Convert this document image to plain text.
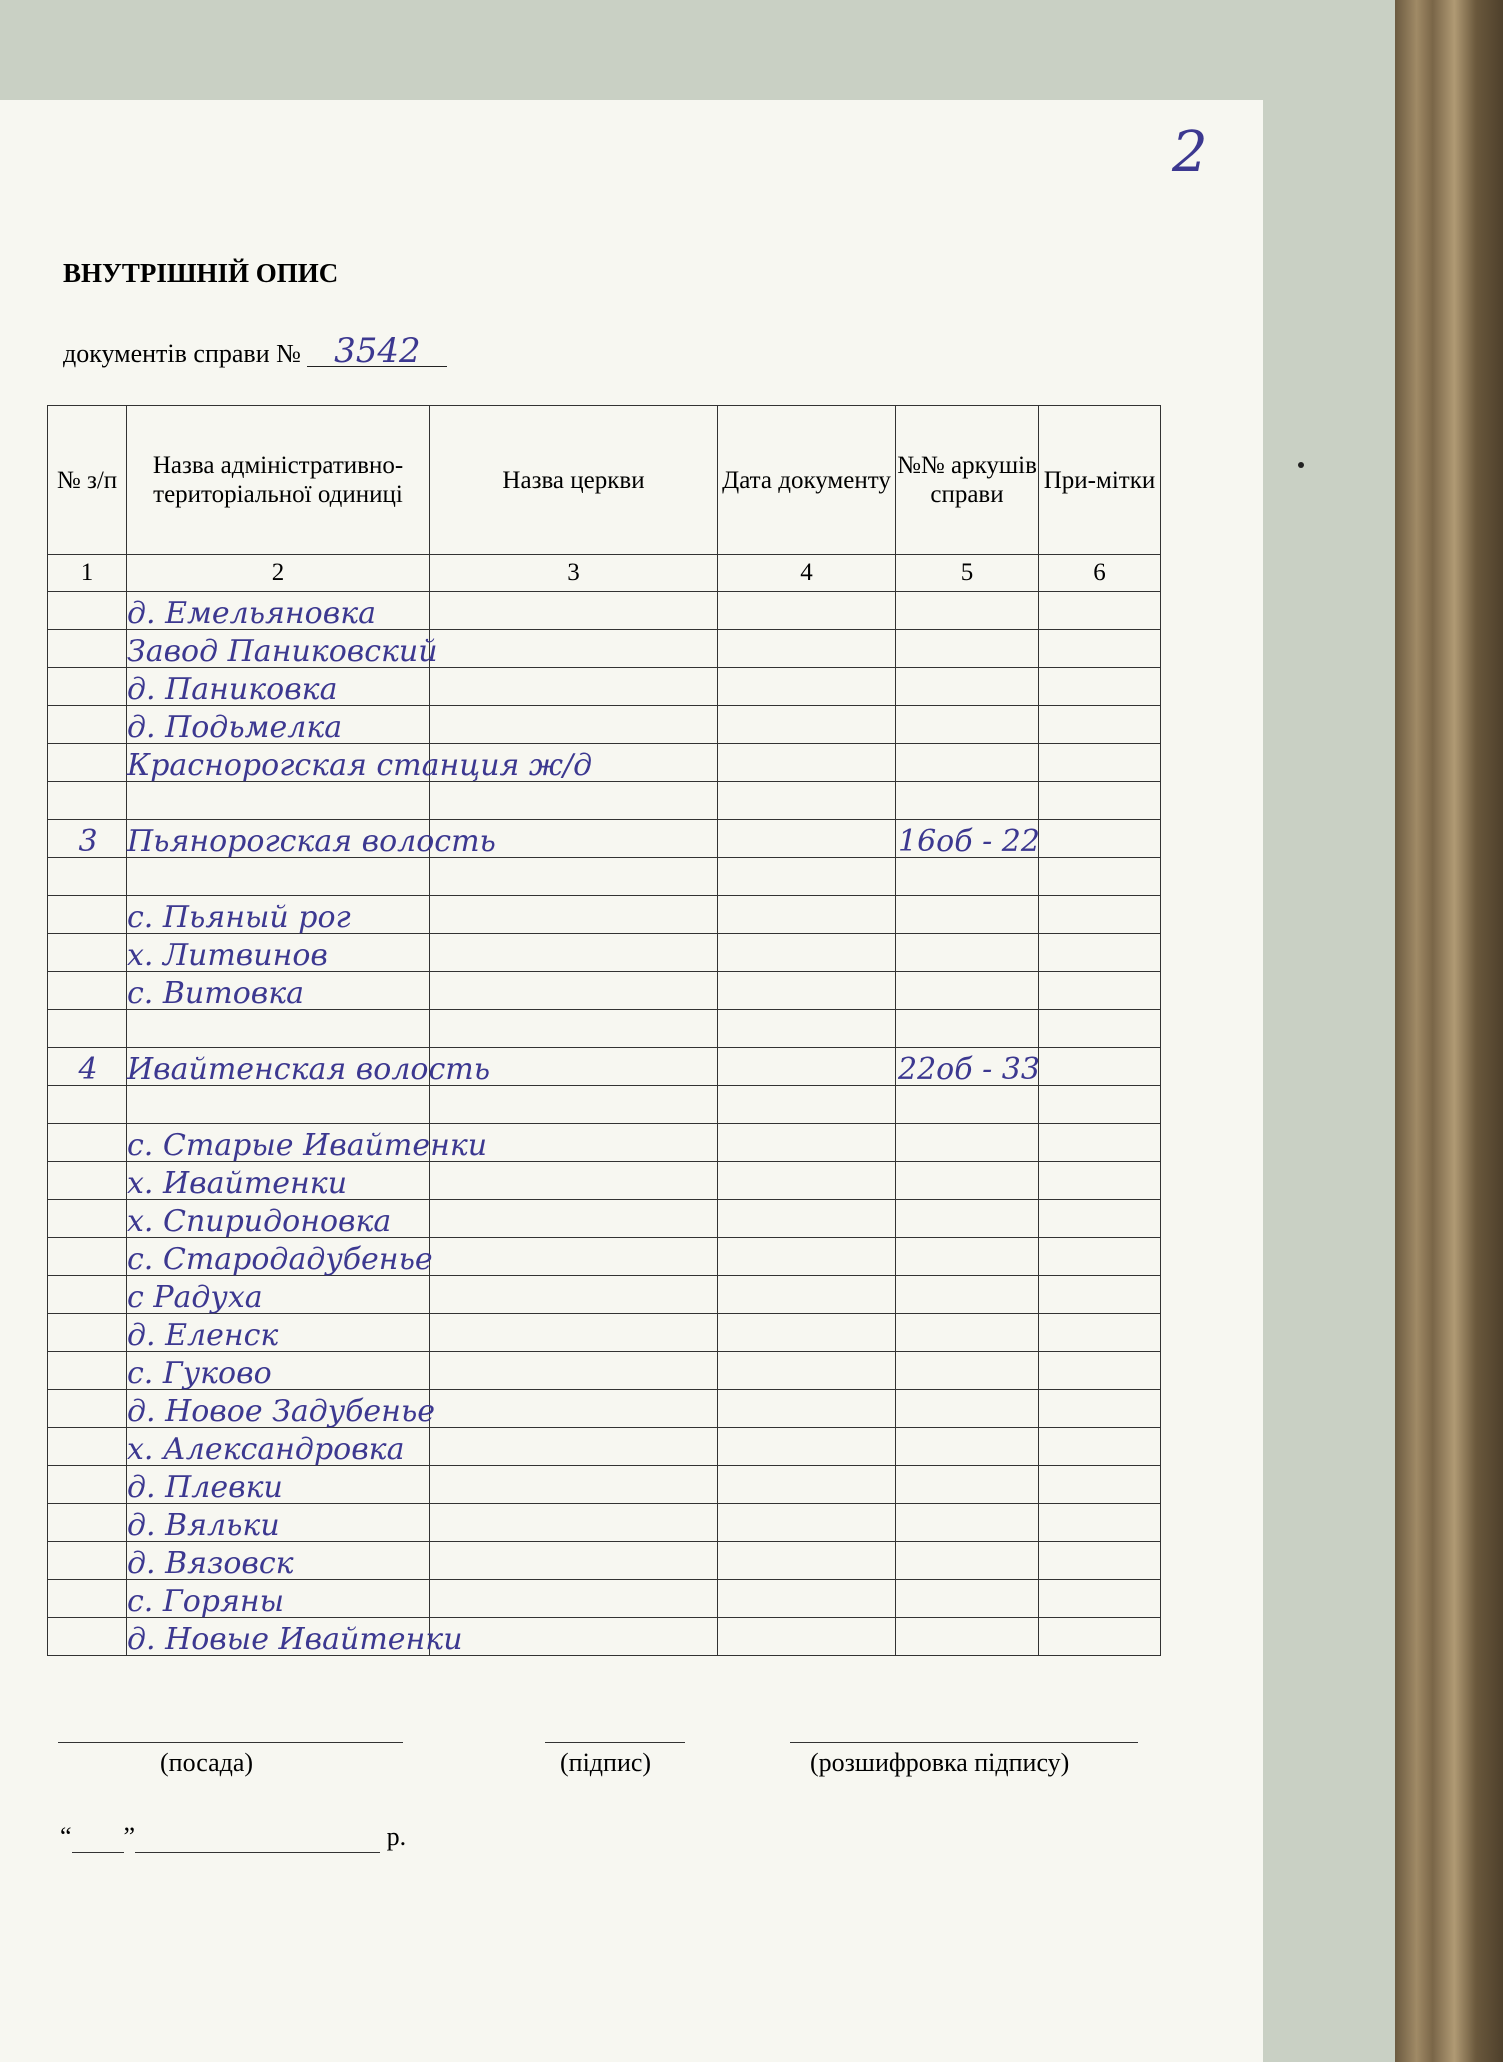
2
ВНУТРІШНІЙ ОПИС
документів справи № 3542
№ з/п	Назва адміністративно-територіальної одиниці	Назва церкви	Дата документу	№№ аркушів справи	При-мітки
1	2	3	4	5	6

	д. Емельяновка				

	Завод Паниковский				

	д. Паниковка				

	д. Подьмелка				

	Краснорогская станция ж/д				

3	Пьянорогская волость			16об - 22	

	с. Пьяный рог				

	х. Литвинов				

	с. Витовка				

4	Ивайтенская волость			22об - 33	

	с. Старые Ивайтенки				

	х. Ивайтенки				

	х. Спиридоновка				

	с. Стародадубенье				

	с Радуха				

	д. Еленск				

	с. Гуково				

	д. Новое Задубенье				

	х. Александровка				

	д. Плевки				

	д. Вяльки				

	д. Вязовск				

	с. Горяны				

	д. Новые Ивайтенки				

(посада)	(підпис)	(розшифровка підпису)
“ ”	р.
